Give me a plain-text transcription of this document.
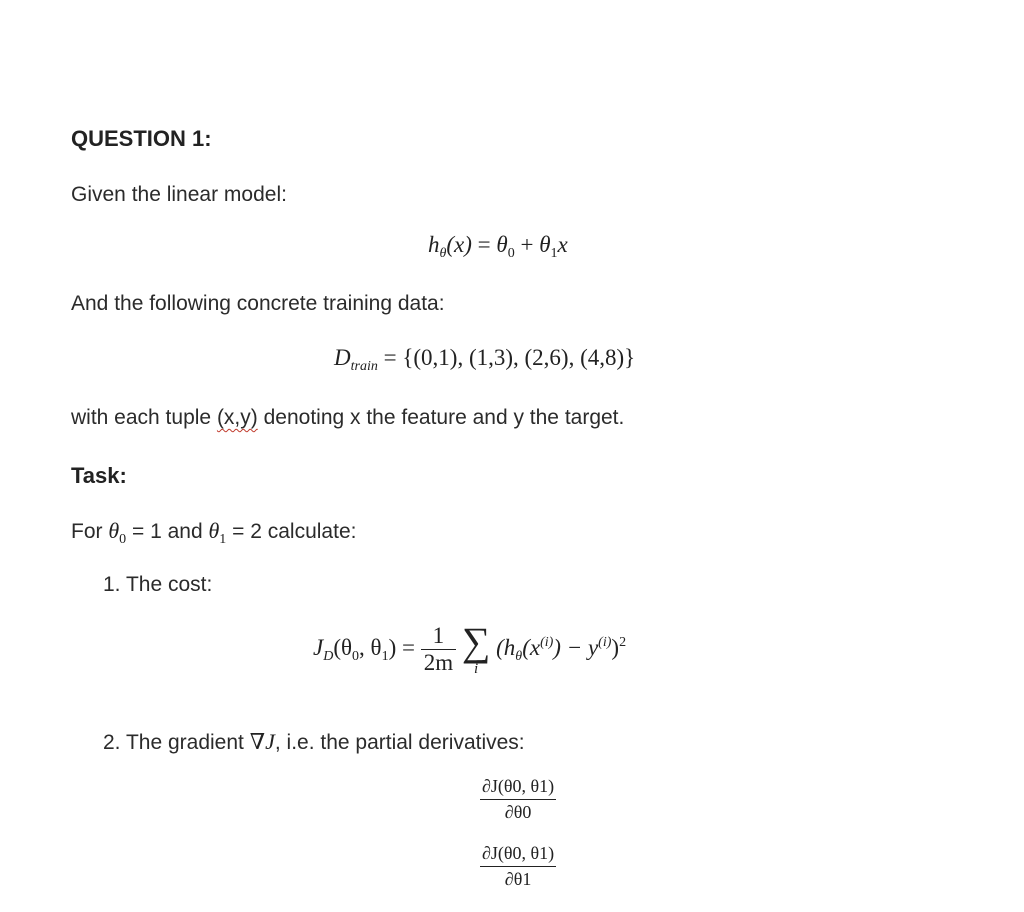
QUESTION 1:
Given the linear model:
$h_\theta(x) = \theta_0 + \theta_1x$
And the following concrete training data:
$D_{train} = \{(0,1)$, (1,3), (2,6), (4,8)}
with each tuple (x,y) denoting x the feature and y the target.
Task:
For $\theta_0 = 1$ and $\theta_1 = 2$ calculate:
1. The cost:
$J_D(\theta_0$, $\theta_1) = \frac{1}{2m}$
∑
i
$(h_\theta(x^{(i)}) - y^{(i)})^2$
2. The gradient ∇J, i.e. the partial derivatives:
$\frac{\partial J(\theta 0, \theta 1)}{\partial\theta 0}$
$\frac{\partial J(\theta 0, \theta 1)}{\partial\theta 1}$
